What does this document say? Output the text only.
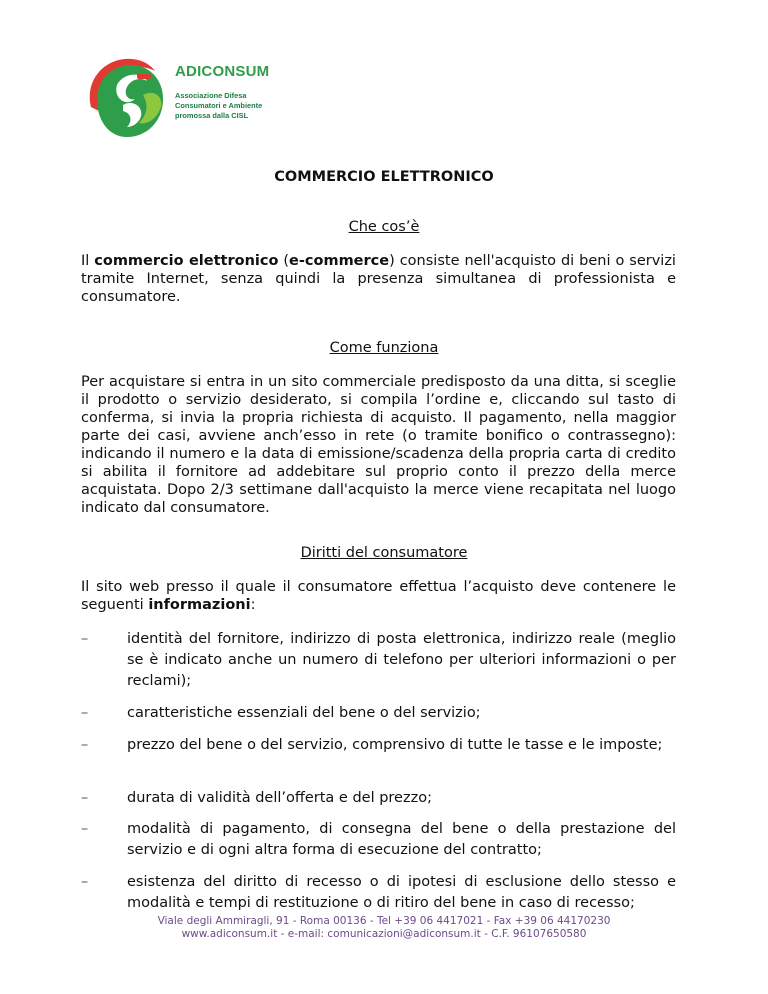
ADICONSUM
Associazione Difesa
Consumatori e Ambiente
promossa dalla CISL
COMMERCIO ELETTRONICO
Che cos’è
Il commercio elettronico (e-commerce) consiste nell'acquisto di beni o servizi tramite Internet, senza quindi la presenza simultanea di professionista e consumatore.
Come funziona
Per acquistare si entra in un sito commerciale predisposto da una ditta, si sceglie il prodotto o servizio desiderato, si compila l’ordine e, cliccando sul tasto di conferma, si invia la propria richiesta di acquisto. Il pagamento, nella maggior parte dei casi, avviene anch’esso in rete (o tramite bonifico o contrassegno): indicando il numero e la data di emissione/scadenza della propria carta di credito si abilita il fornitore ad addebitare sul proprio conto il prezzo della merce acquistata. Dopo 2/3 settimane dall'acquisto la merce viene recapitata nel luogo indicato dal consumatore.
Diritti del consumatore
Il sito web presso il quale il consumatore effettua l’acquisto deve contenere le seguenti informazioni:
–	identità del fornitore, indirizzo di posta elettronica, indirizzo reale (meglio se è indicato anche un numero di telefono per ulteriori informazioni o per reclami);
–	caratteristiche essenziali del bene o del servizio;
–	prezzo del bene o del servizio, comprensivo di tutte le tasse e le imposte;
–	durata di validità dell’offerta e del prezzo;
–	modalità di pagamento, di consegna del bene o della prestazione del servizio e di ogni altra forma di esecuzione del contratto;
–	esistenza del diritto di recesso o di ipotesi di esclusione dello stesso e modalità e tempi di restituzione o di ritiro del bene in caso di recesso;
Viale degli Ammiragli, 91 - Roma 00136 - Tel +39 06 4417021 - Fax +39 06 44170230
www.adiconsum.it - e-mail: comunicazioni@adiconsum.it - C.F. 96107650580
